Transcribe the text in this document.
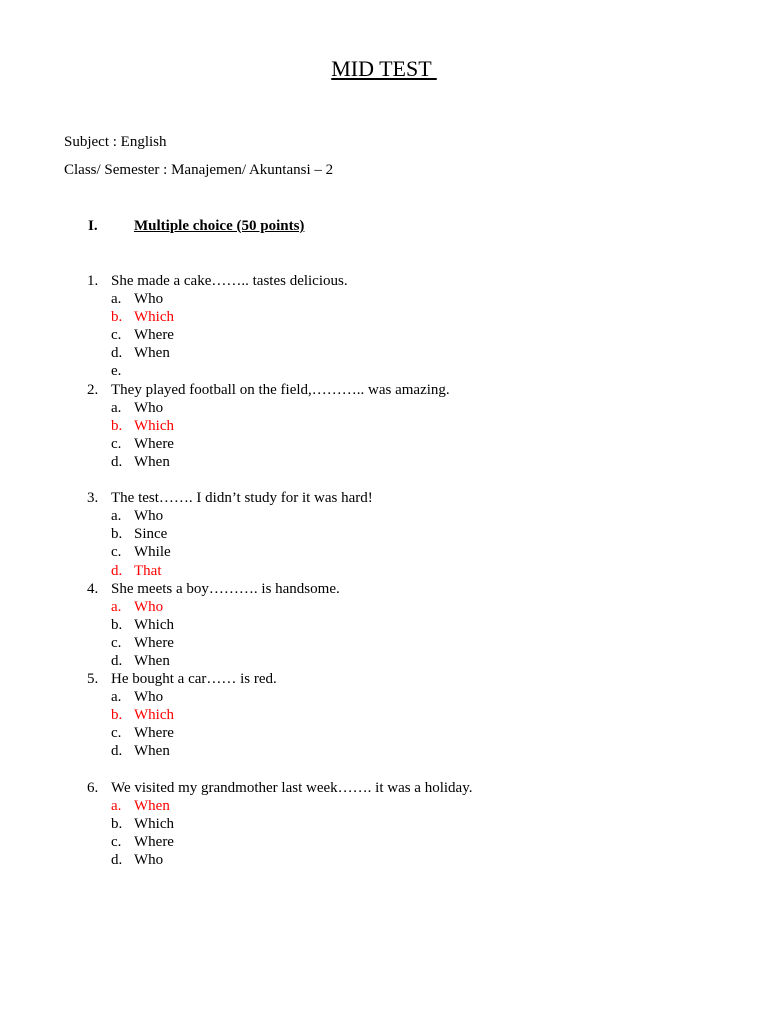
MID TEST
Subject : English
Class/ Semester : Manajemen/ Akuntansi – 2
I. Multiple choice (50 points)
1. She made a cake…….. tastes delicious.
a. Who
b. Which
c. Where
d. When
e.
2. They played football on the field,……….. was amazing.
a. Who
b. Which
c. Where
d. When
3. The test……. I didn’t study for it was hard!
a. Who
b. Since
c. While
d. That
4. She meets a boy………. is handsome.
a. Who
b. Which
c. Where
d. When
5. He bought a car…… is red.
a. Who
b. Which
c. Where
d. When
6. We visited my grandmother last week……. it was a holiday.
a. When
b. Which
c. Where
d. Who
